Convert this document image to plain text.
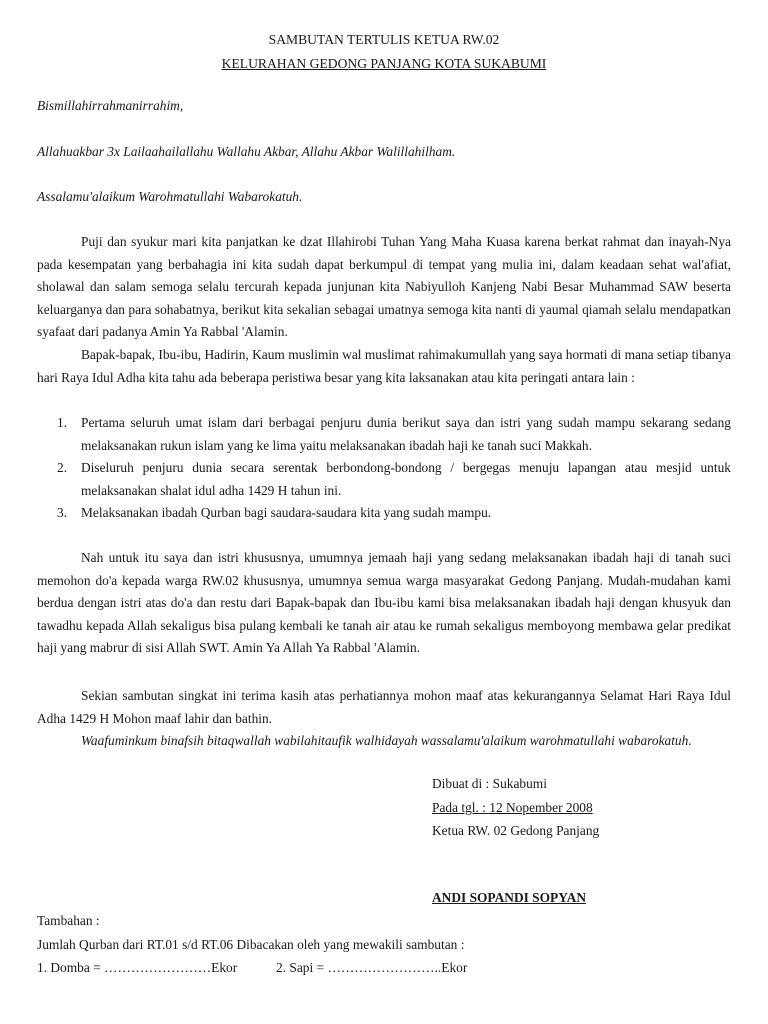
SAMBUTAN TERTULIS KETUA RW.02

KELURAHAN GEDONG PANJANG KOTA SUKABUMI

Bismillahirrahmanirrahim,

Allahuakbar 3x Lailaahailallahu Wallahu Akbar, Allahu Akbar Walillahilham.

Assalamu'alaikum Warohmatullahi Wabarokatuh.

Puji dan syukur mari kita panjatkan ke dzat Illahirobi Tuhan Yang Maha Kuasa karena berkat rahmat dan inayah-Nya pada kesempatan yang berbahagia ini kita sudah dapat berkumpul di tempat yang mulia ini, dalam keadaan sehat wal'afiat, sholawal dan salam semoga selalu tercurah kepada junjunan kita Nabiyulloh Kanjeng Nabi Besar Muhammad SAW beserta keluarganya dan para sohabatnya, berikut kita sekalian sebagai umatnya semoga kita nanti di yaumal qiamah selalu mendapatkan syafaat dari padanya Amin Ya Rabbal 'Alamin.

Bapak-bapak, Ibu-ibu, Hadirin, Kaum muslimin wal muslimat rahimakumullah yang saya hormati di mana setiap tibanya hari Raya Idul Adha kita tahu ada beberapa peristiwa besar yang kita laksanakan atau kita peringati antara lain :

1. Pertama seluruh umat islam dari berbagai penjuru dunia berikut saya dan istri yang sudah mampu sekarang sedang melaksanakan rukun islam yang ke lima yaitu melaksanakan ibadah haji ke tanah suci Makkah.
2. Diseluruh penjuru dunia secara serentak berbondong-bondong / bergegas menuju lapangan atau mesjid untuk melaksanakan shalat idul adha 1429 H tahun ini.
3. Melaksanakan ibadah Qurban bagi saudara-saudara kita yang sudah mampu.

Nah untuk itu saya dan istri khususnya, umumnya jemaah haji yang sedang melaksanakan ibadah haji di tanah suci memohon do'a kepada warga RW.02 khususnya, umumnya semua warga masyarakat Gedong Panjang. Mudah-mudahan kami berdua dengan istri atas do'a dan restu dari Bapak-bapak dan Ibu-ibu kami bisa melaksanakan ibadah haji dengan khusyuk dan tawadhu kepada Allah sekaligus bisa pulang kembali ke tanah air atau ke rumah sekaligus memboyong membawa gelar predikat haji yang mabrur di sisi Allah SWT. Amin Ya Allah Ya Rabbal 'Alamin.

Sekian sambutan singkat ini terima kasih atas perhatiannya mohon maaf atas kekurangannya Selamat Hari Raya Idul Adha 1429 H Mohon maaf lahir dan bathin.

Waafuminkum binafsih bitaqwallah wabilahitaufik walhidayah wassalamu'alaikum warohmatullahi wabarokatuh.

Dibuat di : Sukabumi

Pada tgl. : 12 Nopember 2008

Ketua RW. 02 Gedong Panjang

ANDI SOPANDI SOPYAN

Tambahan :

Jumlah Qurban dari RT.01 s/d RT.06 Dibacakan oleh yang mewakili sambutan :

1. Domba = ……………………Ekor	2. Sapi = ……………………..Ekor
